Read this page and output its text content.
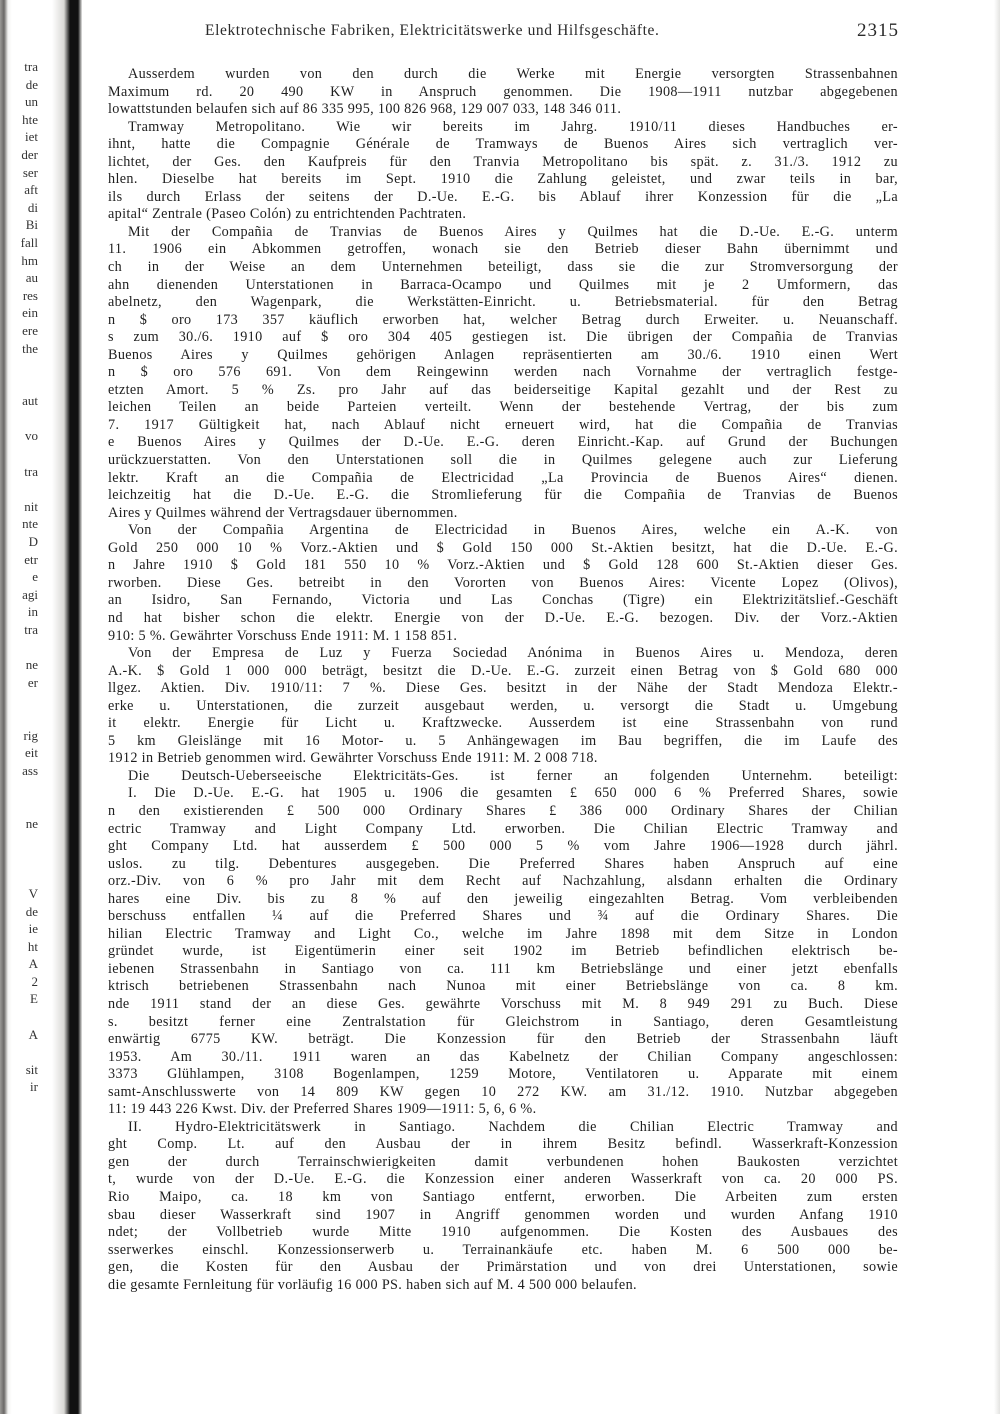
tra
de
un
hte
iet
der
ser
aft
di
Bi
fall
hm
au
res
ein
ere
the
aut
vo
tra
nit
nte
D
etr
e
agi
in
tra
ne
er
rig
eit
ass
ne
V
de
ie
ht
A
2
E
A
sit
ir
Elektrotechnische Fabriken, Elektricitätswerke und Hilfsgeschäfte.	2315
Ausserdem wurden von den durch die Werke mit Energie versorgten Strassenbahnen
Maximum rd. 20 490 KW in Anspruch genommen. Die 1908—1911 nutzbar abgegebenen
lowattstunden belaufen sich auf 86 335 995, 100 826 968, 129 007 033, 148 346 011.
Tramway Metropolitano. Wie wir bereits im Jahrg. 1910/11 dieses Handbuches er-
ihnt, hatte die Compagnie Générale de Tramways de Buenos Aires sich vertraglich ver-
lichtet, der Ges. den Kaufpreis für den Tranvia Metropolitano bis spät. z. 31./3. 1912 zu
hlen. Dieselbe hat bereits im Sept. 1910 die Zahlung geleistet, und zwar teils in bar,
ils durch Erlass der seitens der D.-Ue. E.-G. bis Ablauf ihrer Konzession für die „La
apital“ Zentrale (Paseo Colón) zu entrichtenden Pachtraten.
Mit der Compañia de Tranvias de Buenos Aires y Quilmes hat die D.-Ue. E.-G. unterm
11. 1906 ein Abkommen getroffen, wonach sie den Betrieb dieser Bahn übernimmt und
ch in der Weise an dem Unternehmen beteiligt, dass sie die zur Stromversorgung der
ahn dienenden Unterstationen in Barraca-Ocampo und Quilmes mit je 2 Umformern, das
abelnetz, den Wagenpark, die Werkstätten-Einricht. u. Betriebsmaterial. für den Betrag
n $ oro 173 357 käuflich erworben hat, welcher Betrag durch Erweiter. u. Neuanschaff.
s zum 30./6. 1910 auf $ oro 304 405 gestiegen ist. Die übrigen der Compañia de Tranvias
Buenos Aires y Quilmes gehörigen Anlagen repräsentierten am 30./6. 1910 einen Wert
n $ oro 576 691. Von dem Reingewinn werden nach Vornahme der vertraglich festge-
etzten Amort. 5 % Zs. pro Jahr auf das beiderseitige Kapital gezahlt und der Rest zu
leichen Teilen an beide Parteien verteilt. Wenn der bestehende Vertrag, der bis zum
7. 1917 Gültigkeit hat, nach Ablauf nicht erneuert wird, hat die Compañia de Tranvias
e Buenos Aires y Quilmes der D.-Ue. E.-G. deren Einricht.-Kap. auf Grund der Buchungen
urückzuerstatten. Von den Unterstationen soll die in Quilmes gelegene auch zur Lieferung
lektr. Kraft an die Compañia de Electricidad „La Provincia de Buenos Aires“ dienen.
leichzeitig hat die D.-Ue. E.-G. die Stromlieferung für die Compañia de Tranvias de Buenos
Aires y Quilmes während der Vertragsdauer übernommen.
Von der Compañia Argentina de Electricidad in Buenos Aires, welche ein A.-K. von
Gold 250 000 10 % Vorz.-Aktien und $ Gold 150 000 St.-Aktien besitzt, hat die D.-Ue. E.-G.
n Jahre 1910 $ Gold 181 550 10 % Vorz.-Aktien und $ Gold 128 600 St.-Aktien dieser Ges.
rworben. Diese Ges. betreibt in den Vororten von Buenos Aires: Vicente Lopez (Olivos),
an Isidro, San Fernando, Victoria und Las Conchas (Tigre) ein Elektrizitätslief.-Geschäft
nd hat bisher schon die elektr. Energie von der D.-Ue. E.-G. bezogen. Div. der Vorz.-Aktien
910: 5 %. Gewährter Vorschuss Ende 1911: M. 1 158 851.
Von der Empresa de Luz y Fuerza Sociedad Anónima in Buenos Aires u. Mendoza, deren
A.-K. $ Gold 1 000 000 beträgt, besitzt die D.-Ue. E.-G. zurzeit einen Betrag von $ Gold 680 000
llgez. Aktien. Div. 1910/11: 7 %. Diese Ges. besitzt in der Nähe der Stadt Mendoza Elektr.-
erke u. Unterstationen, die zurzeit ausgebaut werden, u. versorgt die Stadt u. Umgebung
it elektr. Energie für Licht u. Kraftzwecke. Ausserdem ist eine Strassenbahn von rund
5 km Gleislänge mit 16 Motor- u. 5 Anhängewagen im Bau begriffen, die im Laufe des
1912 in Betrieb genommen wird. Gewährter Vorschuss Ende 1911: M. 2 008 718.
Die Deutsch-Ueberseeische Elektricitäts-Ges. ist ferner an folgenden Unternehm. beteiligt:
I. Die D.-Ue. E.-G. hat 1905 u. 1906 die gesamten £ 650 000 6 % Preferred Shares, sowie
n den existierenden £ 500 000 Ordinary Shares £ 386 000 Ordinary Shares der Chilian
ectric Tramway and Light Company Ltd. erworben. Die Chilian Electric Tramway and
ght Company Ltd. hat ausserdem £ 500 000 5 % vom Jahre 1906—1928 durch jährl.
uslos. zu tilg. Debentures ausgegeben. Die Preferred Shares haben Anspruch auf eine
orz.-Div. von 6 % pro Jahr mit dem Recht auf Nachzahlung, alsdann erhalten die Ordinary
hares eine Div. bis zu 8 % auf den jeweilig eingezahlten Betrag. Vom verbleibenden
berschuss entfallen ¼ auf die Preferred Shares und ¾ auf die Ordinary Shares. Die
hilian Electric Tramway and Light Co., welche im Jahre 1898 mit dem Sitze in London
gründet wurde, ist Eigentümerin einer seit 1902 im Betrieb befindlichen elektrisch be-
iebenen Strassenbahn in Santiago von ca. 111 km Betriebslänge und einer jetzt ebenfalls
ktrisch betriebenen Strassenbahn nach Nunoa mit einer Betriebslänge von ca. 8 km.
nde 1911 stand der an diese Ges. gewährte Vorschuss mit M. 8 949 291 zu Buch. Diese
s. besitzt ferner eine Zentralstation für Gleichstrom in Santiago, deren Gesamtleistung
enwärtig 6775 KW. beträgt. Die Konzession für den Betrieb der Strassenbahn läuft
1953. Am 30./11. 1911 waren an das Kabelnetz der Chilian Company angeschlossen:
3373 Glühlampen, 3108 Bogenlampen, 1259 Motore, Ventilatoren u. Apparate mit einem
samt-Anschlusswerte von 14 809 KW gegen 10 272 KW. am 31./12. 1910. Nutzbar abgegeben
11: 19 443 226 Kwst. Div. der Preferred Shares 1909—1911: 5, 6, 6 %.
II. Hydro-Elektricitätswerk in Santiago. Nachdem die Chilian Electric Tramway and
ght Comp. Lt. auf den Ausbau der in ihrem Besitz befindl. Wasserkraft-Konzession
gen der durch Terrainschwierigkeiten damit verbundenen hohen Baukosten verzichtet
t, wurde von der D.-Ue. E.-G. die Konzession einer anderen Wasserkraft von ca. 20 000 PS.
Rio Maipo, ca. 18 km von Santiago entfernt, erworben. Die Arbeiten zum ersten
sbau dieser Wasserkraft sind 1907 in Angriff genommen worden und wurden Anfang 1910
ndet; der Vollbetrieb wurde Mitte 1910 aufgenommen. Die Kosten des Ausbaues des
sserwerkes einschl. Konzessionserwerb u. Terrainankäufe etc. haben M. 6 500 000 be-
gen, die Kosten für den Ausbau der Primärstation und von drei Unterstationen, sowie
die gesamte Fernleitung für vorläufig 16 000 PS. haben sich auf M. 4 500 000 belaufen.
